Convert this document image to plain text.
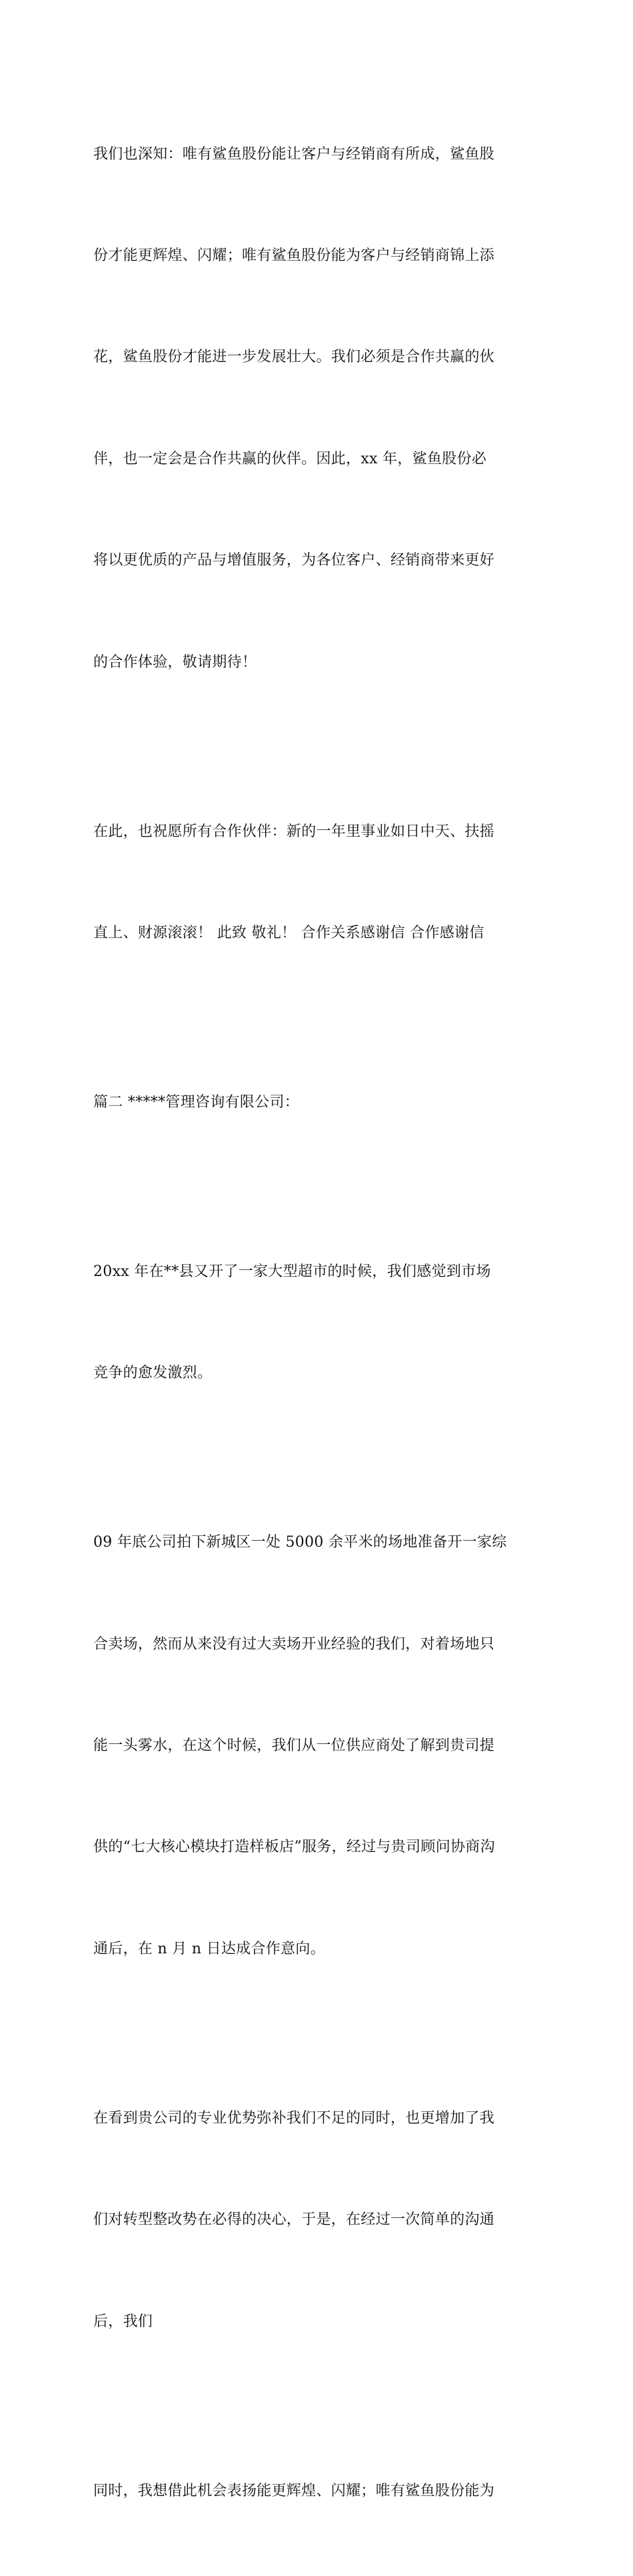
我们也深知：唯有鲨鱼股份能让客户与经销商有所成，鲨鱼股

份才能更辉煌、闪耀；唯有鲨鱼股份能为客户与经销商锦上添

花，鲨鱼股份才能进一步发展壮大。我们必须是合作共赢的伙

伴，也一定会是合作共赢的伙伴。因此，xx 年，鲨鱼股份必

将以更优质的产品与增值服务，为各位客户、经销商带来更好

的合作体验，敬请期待！

在此，也祝愿所有合作伙伴：新的一年里事业如日中天、扶摇

直上、财源滚滚！ 此致 敬礼！ 合作关系感谢信 合作感谢信

篇二 *****管理咨询有限公司：

20xx 年在**县又开了一家大型超市的时候，我们感觉到市场

竞争的愈发激烈。

09 年底公司拍下新城区一处 5000 余平米的场地准备开一家综

合卖场，然而从来没有过大卖场开业经验的我们，对着场地只

能一头雾水，在这个时候，我们从一位供应商处了解到贵司提

供的“七大核心模块打造样板店”服务，经过与贵司顾问协商沟

通后，在 n 月 n 日达成合作意向。

在看到贵公司的专业优势弥补我们不足的同时，也更增加了我

们对转型整改势在必得的决心，于是，在经过一次简单的沟通

后，我们

同时，我想借此机会表扬能更辉煌、闪耀；唯有鲨鱼股份能为
